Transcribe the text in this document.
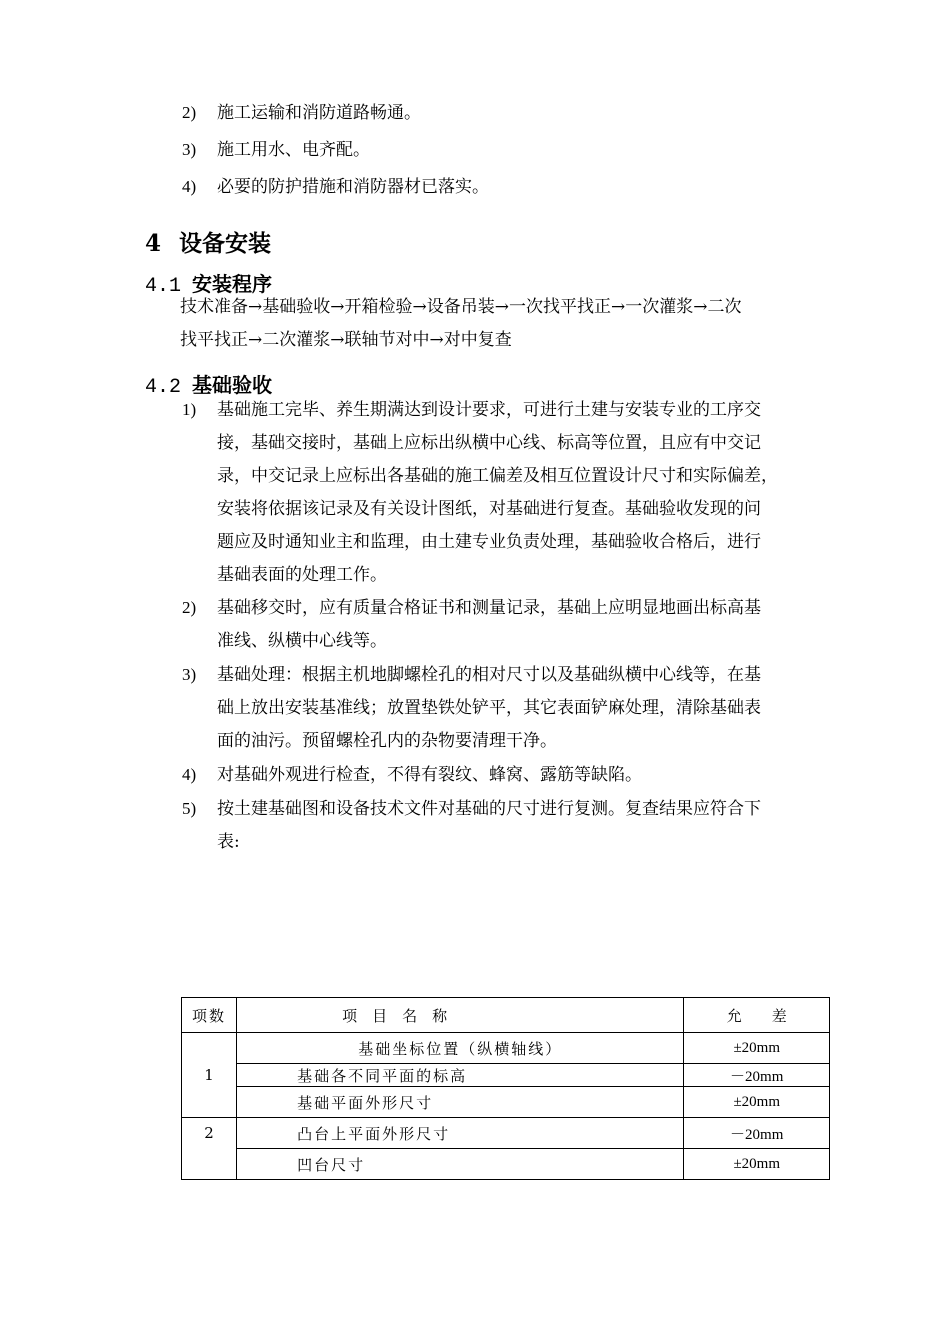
2) 施工运输和消防道路畅通。
3) 施工用水、电齐配。
4) 必要的防护措施和消防器材已落实。
4 设备安装
4.1 安装程序
技术准备→基础验收→开箱检验→设备吊装→一次找平找正→一次灌浆→二次
找平找正→二次灌浆→联轴节对中→对中复查
4.2 基础验收
1) 基础施工完毕、养生期满达到设计要求，可进行土建与安装专业的工序交
接，基础交接时，基础上应标出纵横中心线、标高等位置，且应有中交记
录，中交记录上应标出各基础的施工偏差及相互位置设计尺寸和实际偏差，
安装将依据该记录及有关设计图纸，对基础进行复查。基础验收发现的问
题应及时通知业主和监理，由土建专业负责处理，基础验收合格后，进行
基础表面的处理工作。
2) 基础移交时，应有质量合格证书和测量记录，基础上应明显地画出标高基
准线、纵横中心线等。
3) 基础处理：根据主机地脚螺栓孔的相对尺寸以及基础纵横中心线等，在基
础上放出安装基准线；放置垫铁处铲平，其它表面铲麻处理，清除基础表
面的油污。预留螺栓孔内的杂物要清理干净。
4) 对基础外观进行检查，不得有裂纹、蜂窝、露筋等缺陷。
5) 按土建基础图和设备技术文件对基础的尺寸进行复测。复查结果应符合下
表:
项数	项　目　名　称	允　　差
1	基础坐标位置（纵横轴线）	±20mm
	基础各不同平面的标高	－20mm
	基础平面外形尺寸	±20mm
2	凸台上平面外形尺寸	－20mm
	凹台尺寸	±20mm
